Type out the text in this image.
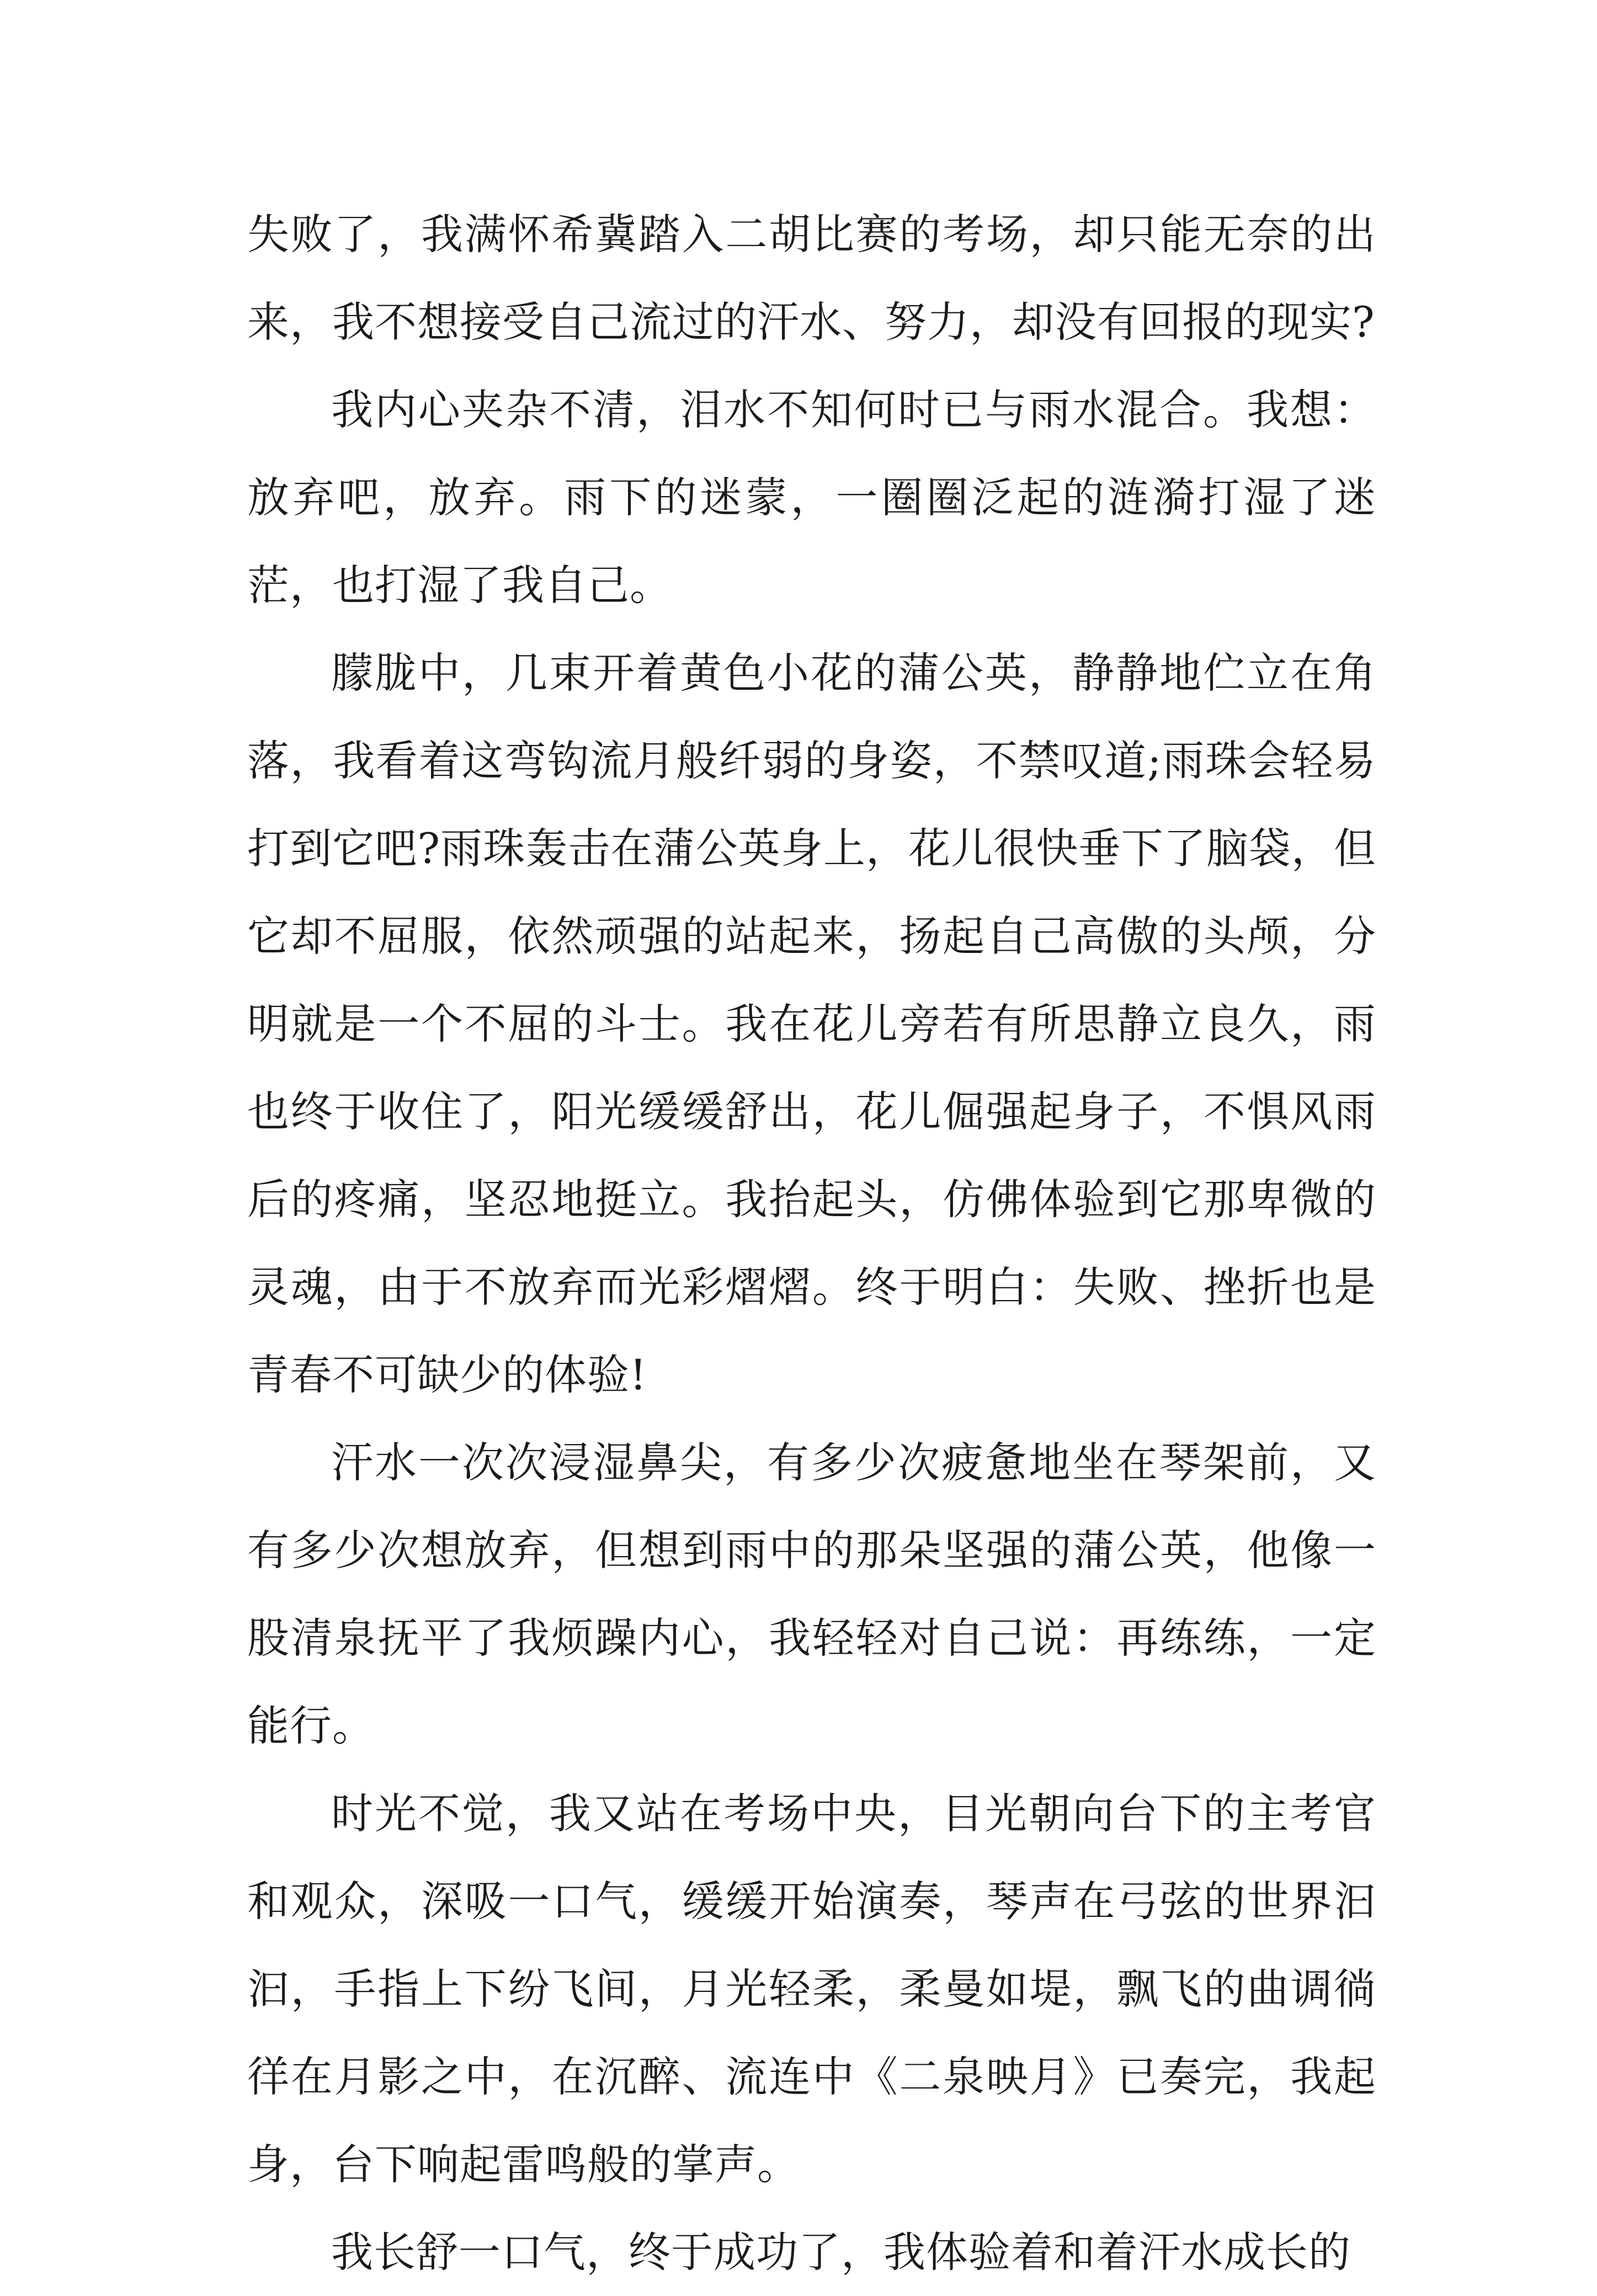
失败了，我满怀希冀踏入二胡比赛的考场，却只能无奈的出来，我不想接受自己流过的汗水、努力，却没有回报的现实?

我内心夹杂不清，泪水不知何时已与雨水混合。我想：放弃吧，放弃。雨下的迷蒙，一圈圈泛起的涟漪打湿了迷茫，也打湿了我自己。

朦胧中，几束开着黄色小花的蒲公英，静静地伫立在角落，我看着这弯钩流月般纤弱的身姿，不禁叹道;雨珠会轻易打到它吧?雨珠轰击在蒲公英身上，花儿很快垂下了脑袋，但它却不屈服，依然顽强的站起来，扬起自己高傲的头颅，分明就是一个不屈的斗士。我在花儿旁若有所思静立良久，雨也终于收住了，阳光缓缓舒出，花儿倔强起身子，不惧风雨后的疼痛，坚忍地挺立。我抬起头，仿佛体验到它那卑微的灵魂，由于不放弃而光彩熠熠。终于明白：失败、挫折也是青春不可缺少的体验!

汗水一次次浸湿鼻尖，有多少次疲惫地坐在琴架前，又有多少次想放弃，但想到雨中的那朵坚强的蒲公英，他像一股清泉抚平了我烦躁内心，我轻轻对自己说：再练练，一定能行。

时光不觉，我又站在考场中央，目光朝向台下的主考官和观众，深吸一口气，缓缓开始演奏，琴声在弓弦的世界汩汩，手指上下纷飞间，月光轻柔，柔曼如堤，飘飞的曲调徜徉在月影之中，在沉醉、流连中《二泉映月》已奏完，我起身，台下响起雷鸣般的掌声。

我长舒一口气，终于成功了，我体验着和着汗水成长的
